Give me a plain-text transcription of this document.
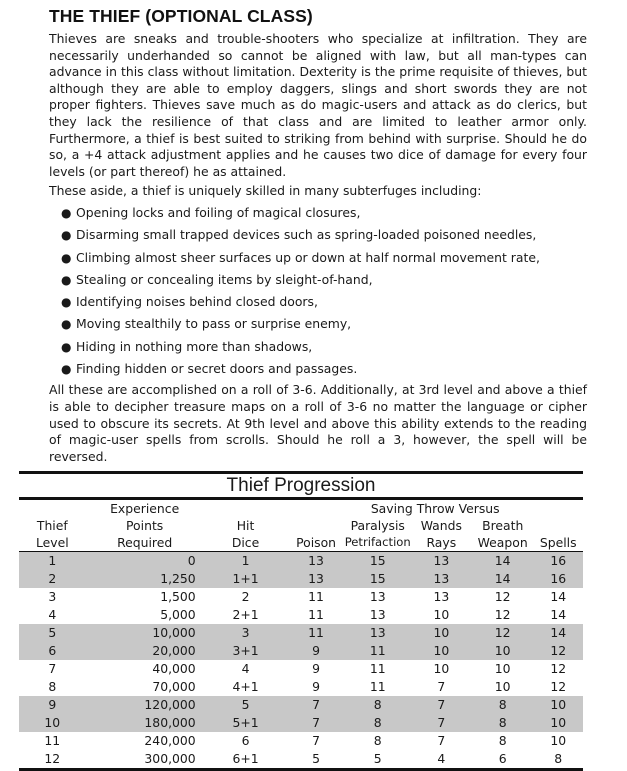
THE THIEF (OPTIONAL CLASS)

Thieves are sneaks and trouble-shooters who specialize at infiltration. They are necessarily underhanded so cannot be aligned with law, but all man-types can advance in this class without limitation. Dexterity is the prime requisite of thieves, but although they are able to employ daggers, slings and short swords they are not proper fighters. Thieves save much as do magic-users and attack as do clerics, but they lack the resilience of that class and are limited to leather armor only. Furthermore, a thief is best suited to striking from behind with surprise. Should he do so, a +4 attack adjustment applies and he causes two dice of damage for every four levels (or part thereof) he as attained.

These aside, a thief is uniquely skilled in many subterfuges including:

● Opening locks and foiling of magical closures,
● Disarming small trapped devices such as spring-loaded poisoned needles,
● Climbing almost sheer surfaces up or down at half normal movement rate,
● Stealing or concealing items by sleight-of-hand,
● Identifying noises behind closed doors,
● Moving stealthily to pass or surprise enemy,
● Hiding in nothing more than shadows,
● Finding hidden or secret doors and passages.

All these are accomplished on a roll of 3-6. Additionally, at 3rd level and above a thief is able to decipher treasure maps on a roll of 3-6 no matter the language or cipher used to obscure its secrets. At 9th level and above this ability extends to the reading of magic-user spells from scrolls. Should he roll a 3, however, the spell will be reversed.

Thief Progression
	Experience		Saving Throw Versus				
Thief	Points	Hit		Paralysis	Wands	Breath	
Level	Required	Dice	Poison	Petrifaction	Rays	Weapon	Spells
1	0	1	13	15	13	14	16
2	1,250	1+1	13	15	13	14	16
3	1,500	2	11	13	13	12	14
4	5,000	2+1	11	13	10	12	14
5	10,000	3	11	13	10	12	14
6	20,000	3+1	9	11	10	10	12
7	40,000	4	9	11	10	10	12
8	70,000	4+1	9	11	7	10	12
9	120,000	5	7	8	7	8	10
10	180,000	5+1	7	8	7	8	10
11	240,000	6	7	8	7	8	10
12	300,000	6+1	5	5	4	6	8
